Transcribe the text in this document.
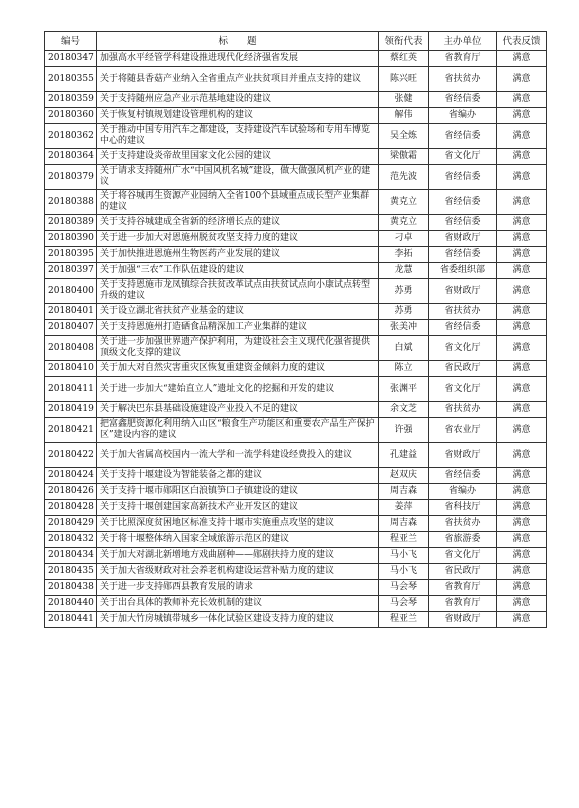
编号	标　　题	领衔代表	主办单位	代表反馈
20180347	加强高水平经管学科建设推进现代化经济强省发展	蔡红英	省教育厅	满意
20180355	关于将随县香菇产业纳入全省重点产业扶贫项目并重点支持的建议	陈兴旺	省扶贫办	满意
20180359	关于支持随州应急产业示范基地建设的建议	张健	省经信委	满意
20180360	关于恢复村镇规划建设管理机构的建议	解伟	省编办	满意
20180362	关于推动中国专用汽车之都建设，支持建设汽车试验场和专用车博览中心的建议	吴全炼	省经信委	满意
20180364	关于支持建设炎帝故里国家文化公园的建议	梁傲霜	省文化厅	满意
20180379	关于请求支持随州广水“中国风机名城”建设，做大做强风机产业的建议	范先波	省经信委	满意
20180388	关于将谷城再生资源产业园纳入全省100个县域重点成长型产业集群的建议	黄克立	省经信委	满意
20180389	关于支持谷城建成全省新的经济增长点的建议	黄克立	省经信委	满意
20180390	关于进一步加大对恩施州脱贫攻坚支持力度的建议	刁卓	省财政厅	满意
20180395	关于加快推进恩施州生物医药产业发展的建议	李拓	省经信委	满意
20180397	关于加强“三农”工作队伍建设的建议	龙慧	省委组织部	满意
20180400	关于支持恩施市龙凤镇综合扶贫改革试点由扶贫试点向小康试点转型升级的建议	苏勇	省财政厅	满意
20180401	关于设立湖北省扶贫产业基金的建议	苏勇	省扶贫办	满意
20180407	关于支持恩施州打造硒食品精深加工产业集群的建议	张美冲	省经信委	满意
20180408	关于进一步加强世界遗产保护利用，为建设社会主义现代化强省提供顶级文化支撑的建议	白斌	省文化厅	满意
20180410	关于加大对自然灾害重灾区恢复重建资金倾斜力度的建议	陈立	省民政厅	满意
20180411	关于进一步加大“建始直立人”遗址文化的挖掘和开发的建议	张渊平	省文化厅	满意
20180419	关于解决巴东县基础设施建设产业投入不足的建议	余文芝	省扶贫办	满意
20180421	把富鑫肥资源化利用纳入山区“粮食生产功能区和重要农产品生产保护区”建设内容的建议	许强	省农业厅	满意
20180422	关于加大省属高校国内一流大学和一流学科建设经费投入的建议	孔建益	省财政厅	满意
20180424	关于支持十堰建设为智能装备之都的建议	赵双庆	省经信委	满意
20180426	关于支持十堰市郧阳区白浪镇笋口子镇建设的建议	周吉森	省编办	满意
20180428	关于支持十堰创建国家高新技术产业开发区的建议	姜萍	省科技厅	满意
20180429	关于比照深度贫困地区标准支持十堰市实施重点攻坚的建议	周吉森	省扶贫办	满意
20180432	关于将十堰整体纳入国家全域旅游示范区的建议	程亚兰	省旅游委	满意
20180434	关于加大对湖北新增地方戏曲剧种——郧剧扶持力度的建议	马小飞	省文化厅	满意
20180435	关于加大省级财政对社会养老机构建设运营补贴力度的建议	马小飞	省民政厅	满意
20180438	关于进一步支持郧西县教育发展的请求	马会琴	省教育厅	满意
20180440	关于出台具体的教师补充长效机制的建议	马会琴	省教育厅	满意
20180441	关于加大竹房城镇带城乡一体化试验区建设支持力度的建议	程亚兰	省财政厅	满意
